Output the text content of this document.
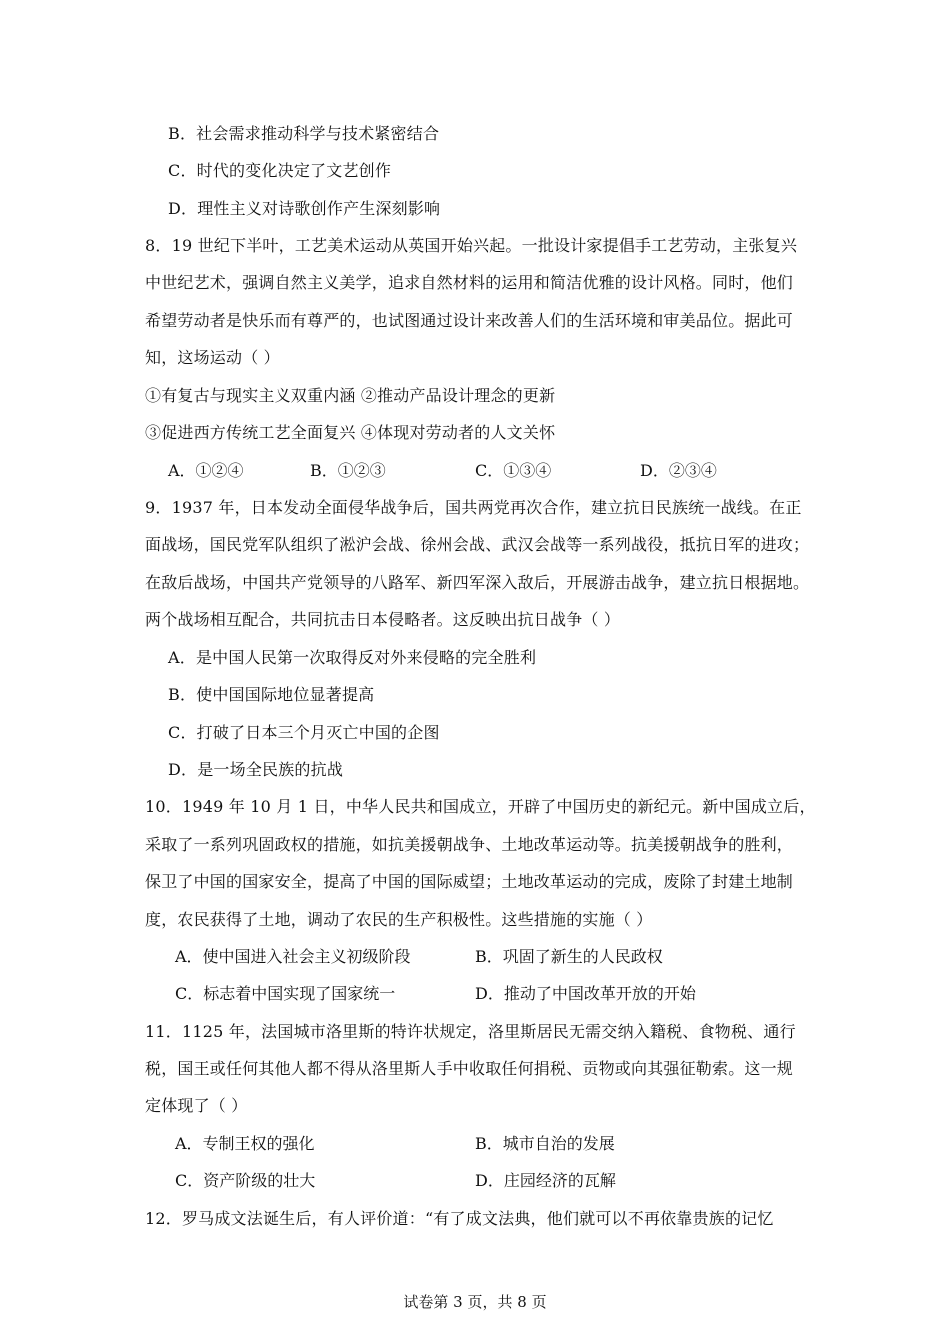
B．社会需求推动科学与技术紧密结合
C．时代的变化决定了文艺创作
D．理性主义对诗歌创作产生深刻影响
8．19 世纪下半叶，工艺美术运动从英国开始兴起。一批设计家提倡手工艺劳动，主张复兴
中世纪艺术，强调自然主义美学，追求自然材料的运用和简洁优雅的设计风格。同时，他们
希望劳动者是快乐而有尊严的，也试图通过设计来改善人们的生活环境和审美品位。据此可
知，这场运动（ ）
①有复古与现实主义双重内涵 ②推动产品设计理念的更新
③促进西方传统工艺全面复兴 ④体现对劳动者的人文关怀
A．①②④	B．①②③	C．①③④	D．②③④
9．1937 年，日本发动全面侵华战争后，国共两党再次合作，建立抗日民族统一战线。在正
面战场，国民党军队组织了淞沪会战、徐州会战、武汉会战等一系列战役，抵抗日军的进攻；
在敌后战场，中国共产党领导的八路军、新四军深入敌后，开展游击战争，建立抗日根据地。
两个战场相互配合，共同抗击日本侵略者。这反映出抗日战争（ ）
A．是中国人民第一次取得反对外来侵略的完全胜利
B．使中国国际地位显著提高
C．打破了日本三个月灭亡中国的企图
D．是一场全民族的抗战
10．1949 年 10 月 1 日，中华人民共和国成立，开辟了中国历史的新纪元。新中国成立后，
采取了一系列巩固政权的措施，如抗美援朝战争、土地改革运动等。抗美援朝战争的胜利，
保卫了中国的国家安全，提高了中国的国际威望；土地改革运动的完成，废除了封建土地制
度，农民获得了土地，调动了农民的生产积极性。这些措施的实施（ ）
A．使中国进入社会主义初级阶段	B．巩固了新生的人民政权
C．标志着中国实现了国家统一	D．推动了中国改革开放的开始
11．1125 年，法国城市洛里斯的特许状规定，洛里斯居民无需交纳入籍税、食物税、通行
税，国王或任何其他人都不得从洛里斯人手中收取任何捐税、贡物或向其强征勒索。这一规
定体现了（ ）
A．专制王权的强化	B．城市自治的发展
C．资产阶级的壮大	D．庄园经济的瓦解
12．罗马成文法诞生后，有人评价道：“有了成文法典，他们就可以不再依靠贵族的记忆
试卷第 3 页，共 8 页
